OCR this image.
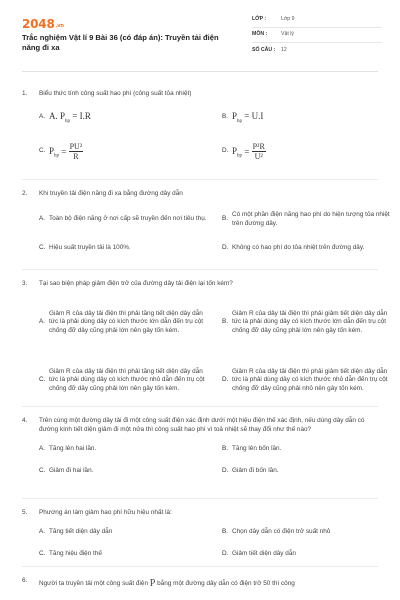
2048.vn
Trắc nghiệm Vật lí 9 Bài 36 (có đáp án): Truyền tải điện năng đi xa
LỚP :	Lớp 9
MÔN :	Vật lý
SỐ CÂU :	12
1.	Biểu thức tính công suất hao phí (công suất tỏa nhiệt)
A. A. $P_{hp} = I.R$	B. $P_{hp} = U.I$
C. $P_{hp} = \frac{\text{PU²}}{R}$	D. $P_{hp} = \frac{\text{P²R}}{\text{U²}}$
2.	Khi truyền tải điện năng đi xa bằng đường dây dẫn
A. Toàn bộ điện năng ở nơi cấp sẽ truyền đến nơi tiêu thụ.	B.
Có một phần điện năng hao phí do hiện tượng tỏa nhiệt trên đường dây.
C. Hiệu suất truyền tải là 100%.	D. Không có hao phí do tỏa nhiệt trên đường dây.
3.	Tại sao biện pháp giảm điện trở của đường dây tải điện lại tốn kém?
A.
Giảm R của dây tải điện thì phải tăng tiết diện dây dẫn tức là phải dùng dây có kích thước lớn dẫn đến trụ cột chống đỡ dây cũng phải lớn nên gây tốn kém.
B.
Giảm R của dây tải điện thì phải giảm tiết diện dây dẫn tức là phải dùng dây có kích thước lớn dẫn đến trụ cột chống đỡ dây cũng phải lớn nên gây tốn kém.
C.
Giảm R của dây tải điện thì phải tăng tiết diện dây dẫn tức là phải dùng dây có kích thước nhỏ dẫn đến trụ cột chống đỡ dây cũng phải lớn nên gây tốn kém.
D.
Giảm R của dây tải điện thì phải giảm tiết diện dây dẫn tức là phải dùng dây có kích thước nhỏ dẫn đến trụ cột chống đỡ dây cũng phải nhỏ nên gây tốn kém.
4.	Trên cùng một đường dây tải đi một công suất điện xác định dưới một hiệu điện thế xác định, nếu dùng dây dẫn có đường kính tiết diện giảm đi một nửa thì công suất hao phí vì toả nhiệt sẽ thay đổi như thế nào?
A. Tăng lên hai lần.	B. Tăng lên bốn lần.
C. Giảm đi hai lần.	D. Giảm đi bốn lần.
5.	Phương án làm giảm hao phí hữu hiệu nhất là:
A. Tăng tiết diện dây dẫn	B. Chọn dây dẫn có điện trở suất nhỏ
C. Tăng hiệu điện thế	D. Giảm tiết diện dây dẫn
6.	Người ta truyền tải một công suất điện P bằng một đường dây dẫn có điện trở 50 thì công
